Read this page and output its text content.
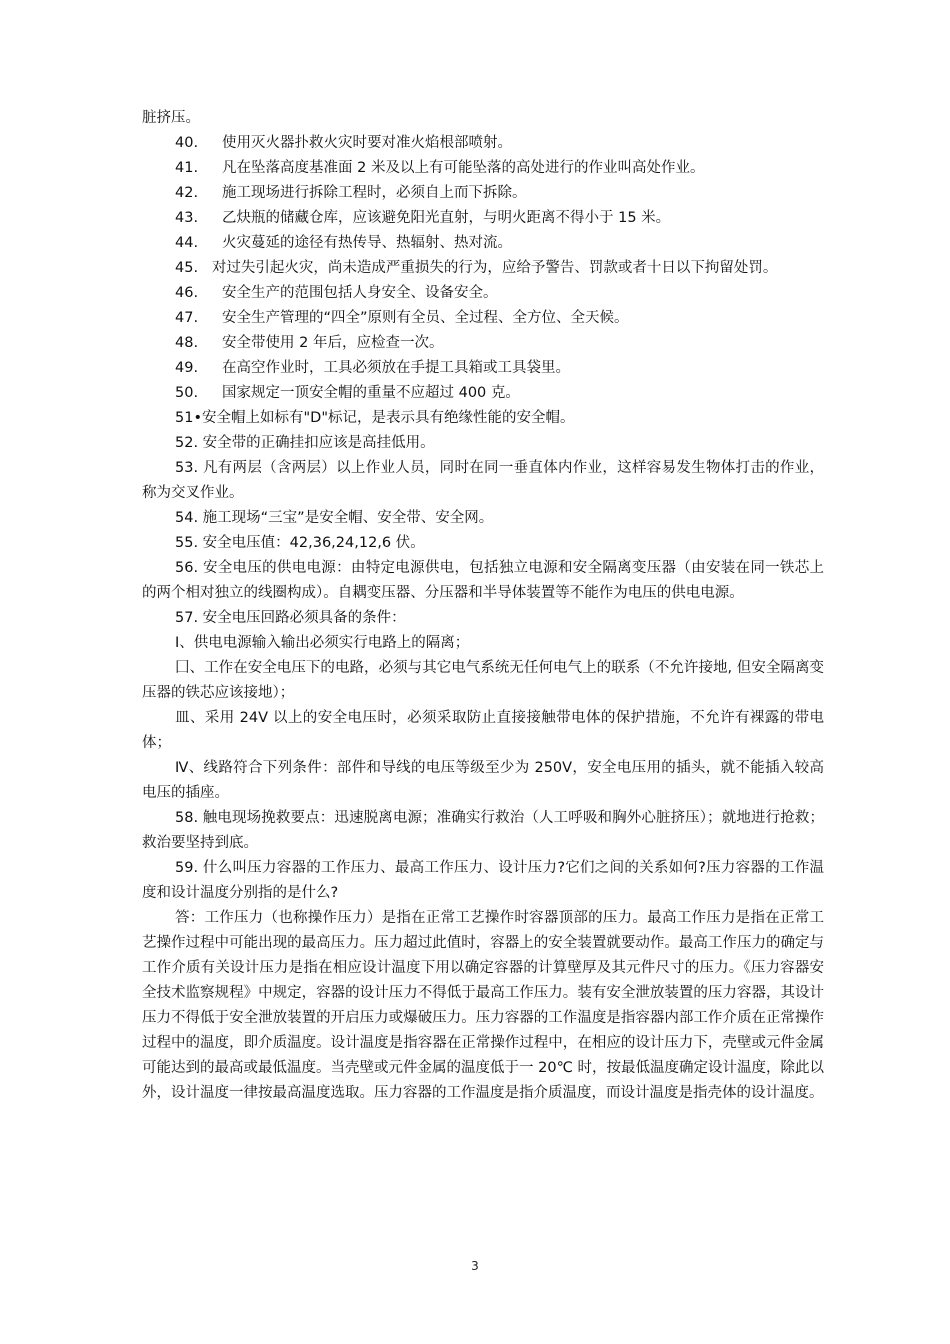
脏挤压。

40.	使用灭火器扑救火灾时要对准火焰根部喷射。

41.	凡在坠落高度基准面 2 米及以上有可能坠落的高处进行的作业叫高处作业。

42.	施工现场进行拆除工程时，必须自上而下拆除。

43.	乙炔瓶的储藏仓库，应该避免阳光直射，与明火距离不得小于 15 米。

44.	火灾蔓延的途径有热传导、热辐射、热对流。

45. 对过失引起火灾，尚未造成严重损失的行为，应给予警告、罚款或者十日以下拘留处罚。

46.	安全生产的范围包括人身安全、设备安全。

47.	安全生产管理的“四全”原则有全员、全过程、全方位、全天候。

48.	安全带使用 2 年后，应检查一次。

49.	在高空作业时，工具必须放在手提工具箱或工具袋里。

50.	国家规定一顶安全帽的重量不应超过 400 克。

51•安全帽上如标有"D"标记，是表示具有绝缘性能的安全帽。

52. 安全带的正确挂扣应该是高挂低用。

53. 凡有两层（含两层）以上作业人员，同时在同一垂直体内作业，这样容易发生物体打击的作业，称为交叉作业。

54. 施工现场“三宝”是安全帽、安全带、安全网。

55. 安全电压值：42,36,24,12,6 伏。

56. 安全电压的供电电源：由特定电源供电，包括独立电源和安全隔离变压器（由安装在同一铁芯上的两个相对独立的线圈构成）。自耦变压器、分压器和半导体装置等不能作为电压的供电电源。

57. 安全电压回路必须具备的条件：

Ⅰ、供电电源输入输出必须实行电路上的隔离；

囗、工作在安全电压下的电路，必须与其它电气系统无任何电气上的联系（不允许接地, 但安全隔离变压器的铁芯应该接地）；

皿、采用 24V 以上的安全电压时，必须采取防止直接接触带电体的保护措施，不允许有裸露的带电体；

Ⅳ、线路符合下列条件：部件和导线的电压等级至少为 250V，安全电压用的插头，就不能插入较高电压的插座。

58. 触电现场挽救要点：迅速脱离电源；准确实行救治（人工呼吸和胸外心脏挤压）；就地进行抢救；救治要坚持到底。

59. 什么叫压力容器的工作压力、最高工作压力、设计压力?它们之间的关系如何?压力容器的工作温度和设计温度分别指的是什么?

答：工作压力（也称操作压力）是指在正常工艺操作时容器顶部的压力。最高工作压力是指在正常工艺操作过程中可能出现的最高压力。压力超过此值时，容器上的安全装置就要动作。最高工作压力的确定与工作介质有关设计压力是指在相应设计温度下用以确定容器的计算壁厚及其元件尺寸的压力。《压力容器安全技术监察规程》中规定，容器的设计压力不得低于最高工作压力。装有安全泄放装置的压力容器，其设计压力不得低于安全泄放装置的开启压力或爆破压力。压力容器的工作温度是指容器内部工作介质在正常操作过程中的温度，即介质温度。设计温度是指容器在正常操作过程中，在相应的设计压力下，壳壁或元件金属可能达到的最高或最低温度。当壳壁或元件金属的温度低于一 20℃ 时，按最低温度确定设计温度，除此以外，设计温度一律按最高温度选取。压力容器的工作温度是指介质温度，而设计温度是指壳体的设计温度。

3
